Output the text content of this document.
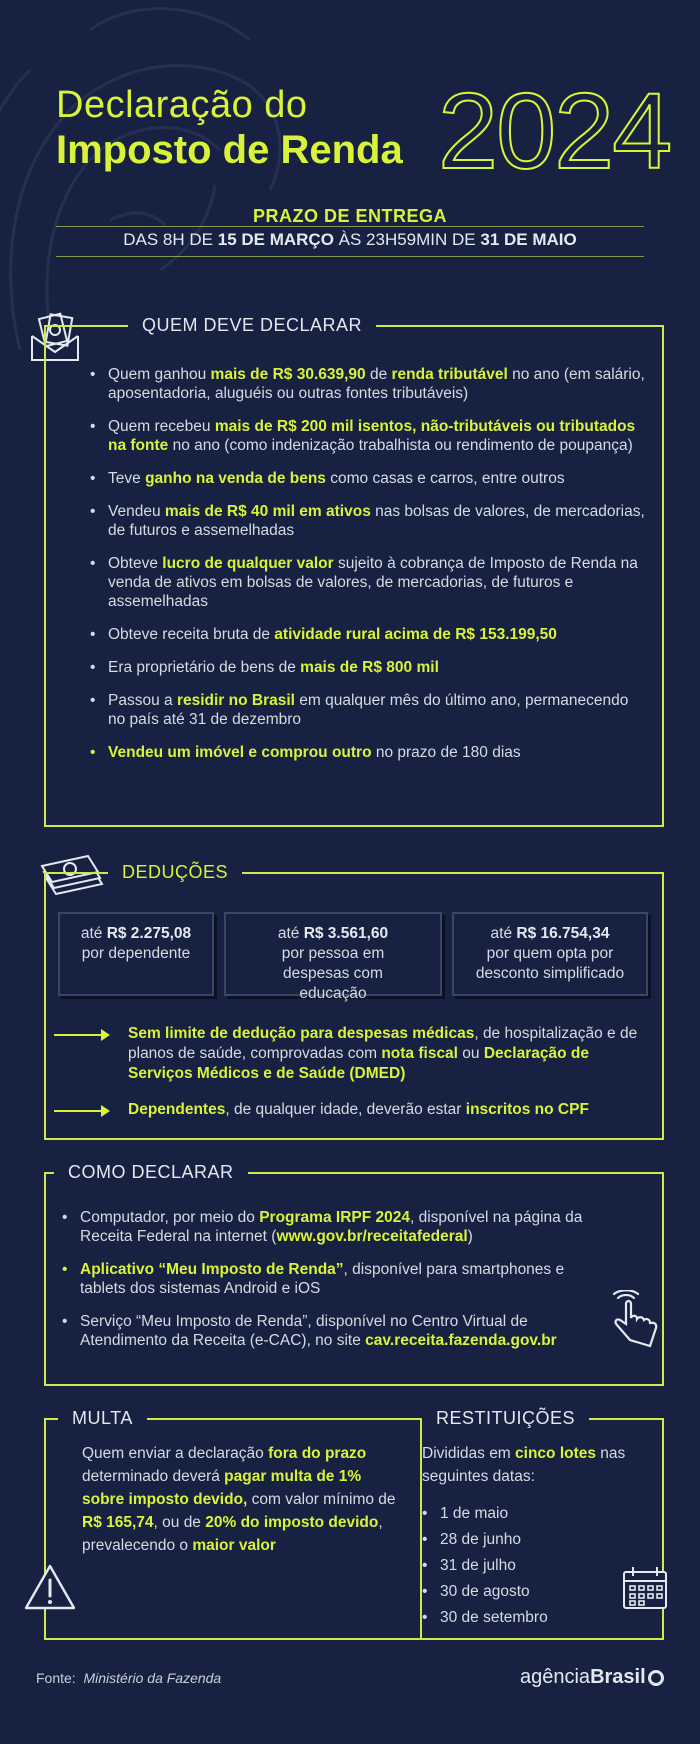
Declaração do
Imposto de Renda 2024
PRAZO DE ENTREGA
DAS 8H DE 15 DE MARÇO ÀS 23H59MIN DE 31 DE MAIO
QUEM DEVE DECLARAR
• Quem ganhou mais de R$ 30.639,90 de renda tributável no ano (em salário, aposentadoria, aluguéis ou outras fontes tributáveis)
• Quem recebeu mais de R$ 200 mil isentos, não-tributáveis ou tributados na fonte no ano (como indenização trabalhista ou rendimento de poupança)
• Teve ganho na venda de bens como casas e carros, entre outros
• Vendeu mais de R$ 40 mil em ativos nas bolsas de valores, de mercadorias, de futuros e assemelhadas
• Obteve lucro de qualquer valor sujeito à cobrança de Imposto de Renda na venda de ativos em bolsas de valores, de mercadorias, de futuros e assemelhadas
• Obteve receita bruta de atividade rural acima de R$ 153.199,50
• Era proprietário de bens de mais de R$ 800 mil
• Passou a residir no Brasil em qualquer mês do último ano, permanecendo no país até 31 de dezembro
• Vendeu um imóvel e comprou outro no prazo de 180 dias
DEDUÇÕES
até R$ 2.275,08
por dependente
até R$ 3.561,60
por pessoa em despesas com educação
até R$ 16.754,34
por quem opta por desconto simplificado
Sem limite de dedução para despesas médicas, de hospitalização e de planos de saúde, comprovadas com nota fiscal ou Declaração de Serviços Médicos e de Saúde (DMED)
Dependentes, de qualquer idade, deverão estar inscritos no CPF
COMO DECLARAR
• Computador, por meio do Programa IRPF 2024, disponível na página da Receita Federal na internet (www.gov.br/receitafederal)
• Aplicativo “Meu Imposto de Renda”, disponível para smartphones e tablets dos sistemas Android e iOS
• Serviço “Meu Imposto de Renda”, disponível no Centro Virtual de Atendimento da Receita (e-CAC), no site cav.receita.fazenda.gov.br
MULTA
Quem enviar a declaração fora do prazo determinado deverá pagar multa de 1% sobre imposto devido, com valor mínimo de R$ 165,74, ou de 20% do imposto devido, prevalecendo o maior valor
RESTITUIÇÕES
Divididas em cinco lotes nas seguintes datas:
• 1 de maio
• 28 de junho
• 31 de julho
• 30 de agosto
• 30 de setembro
Fonte: Ministério da Fazenda	agênciaBrasil
